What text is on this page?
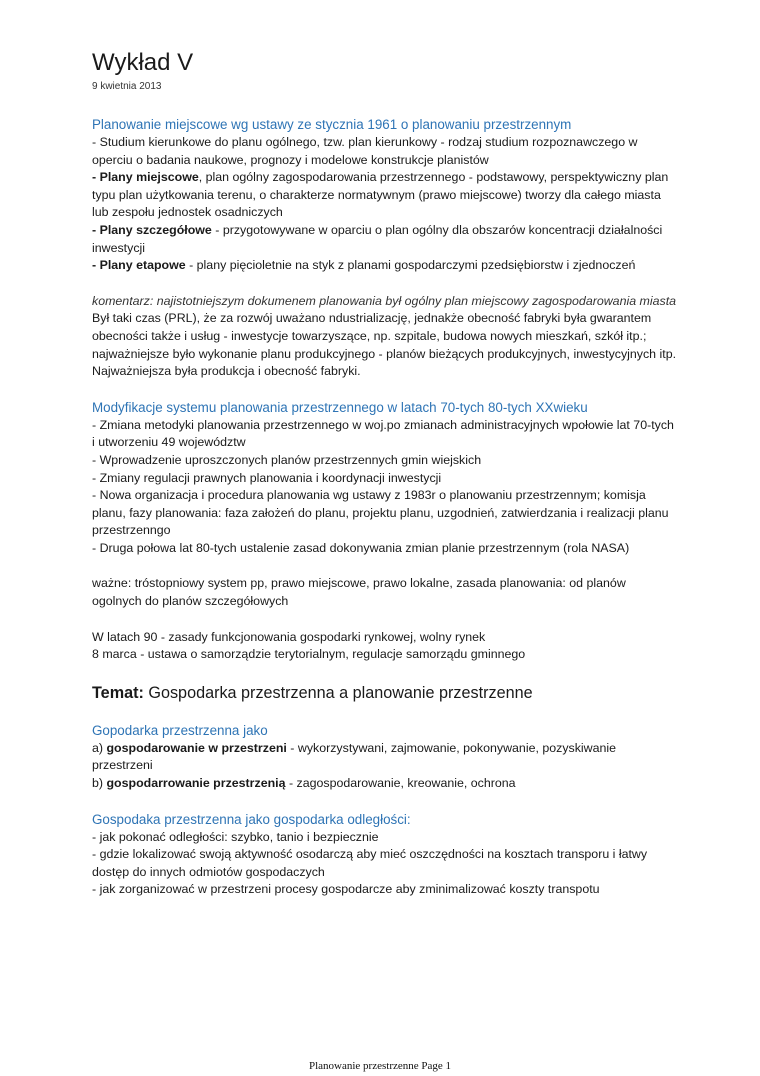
Wykład V
9 kwietnia 2013
Planowanie miejscowe wg ustawy ze stycznia 1961 o planowaniu przestrzennym

- Studium kierunkowe do planu ogólnego, tzw. plan kierunkowy - rodzaj studium rozpoznawczego w operciu o badania naukowe, prognozy i modelowe konstrukcje planistów

- Plany miejscowe, plan ogólny zagospodarowania przestrzennego - podstawowy, perspektywiczny plan typu plan użytkowania terenu, o charakterze normatywnym (prawo miejscowe) tworzy dla całego miasta lub zespołu jednostek osadniczych

- Plany szczegółowe - przygotowywane w oparciu o plan ogólny dla obszarów koncentracji działalności inwestycji

- Plany etapowe - plany pięcioletnie na styk z planami gospodarczymi pzedsiębiorstw i zjednoczeń

komentarz: najistotniejszym dokumenem planowania był ogólny plan miejscowy zagospodarowania miasta

Był taki czas (PRL), że za rozwój uważano ndustrializację, jednakże obecność fabryki była gwarantem obecności także i usług - inwestycje towarzyszące, np. szpitale, budowa nowych mieszkań, szkół itp.; najważniejsze było wykonanie planu produkcyjnego - planów bieżących produkcyjnych, inwestycyjnych itp. Najważniejsza była produkcja i obecność fabryki.

Modyfikacje systemu planowania przestrzennego w latach 70-tych 80-tych XXwieku

- Zmiana metodyki planowania przestrzennego w woj.po zmianach administracyjnych wpołowie lat 70-tych i utworzeniu 49 województw

- Wprowadzenie uproszczonych planów przestrzennych gmin wiejskich

- Zmiany regulacji prawnych planowania i koordynacji inwestycji

- Nowa organizacja i procedura planowania wg ustawy z 1983r o planowaniu przestrzennym; komisja planu, fazy planowania: faza założeń do planu, projektu planu, uzgodnień, zatwierdzania i realizacji planu przestrzenngo

- Druga połowa lat 80-tych ustalenie zasad dokonywania zmian planie przestrzennym (rola NASA)

ważne: tróstopniowy system pp, prawo miejscowe, prawo lokalne, zasada planowania: od planów ogolnych do planów szczegółowych

W latach 90 - zasady funkcjonowania gospodarki rynkowej, wolny rynek

8 marca - ustawa o samorządzie terytorialnym, regulacje samorządu gminnego

Temat: Gospodarka przestrzenna a planowanie przestrzenne
Gopodarka przestrzenna jako

a) gospodarowanie w przestrzeni - wykorzystywani, zajmowanie, pokonywanie, pozyskiwanie przestrzeni

b) gospodarrowanie przestrzenią - zagospodarowanie, kreowanie, ochrona

Gospodaka przestrzenna jako gospodarka odległości:

- jak pokonać odległości: szybko, tanio i bezpiecznie

- gdzie lokalizować swoją aktywność osodarczą aby mieć oszczędności na kosztach transporu i łatwy dostęp do innych odmiotów gospodaczych

- jak zorganizować w przestrzeni procesy gospodarcze aby zminimalizować koszty transpotu

Planowanie przestrzenne Page 1
